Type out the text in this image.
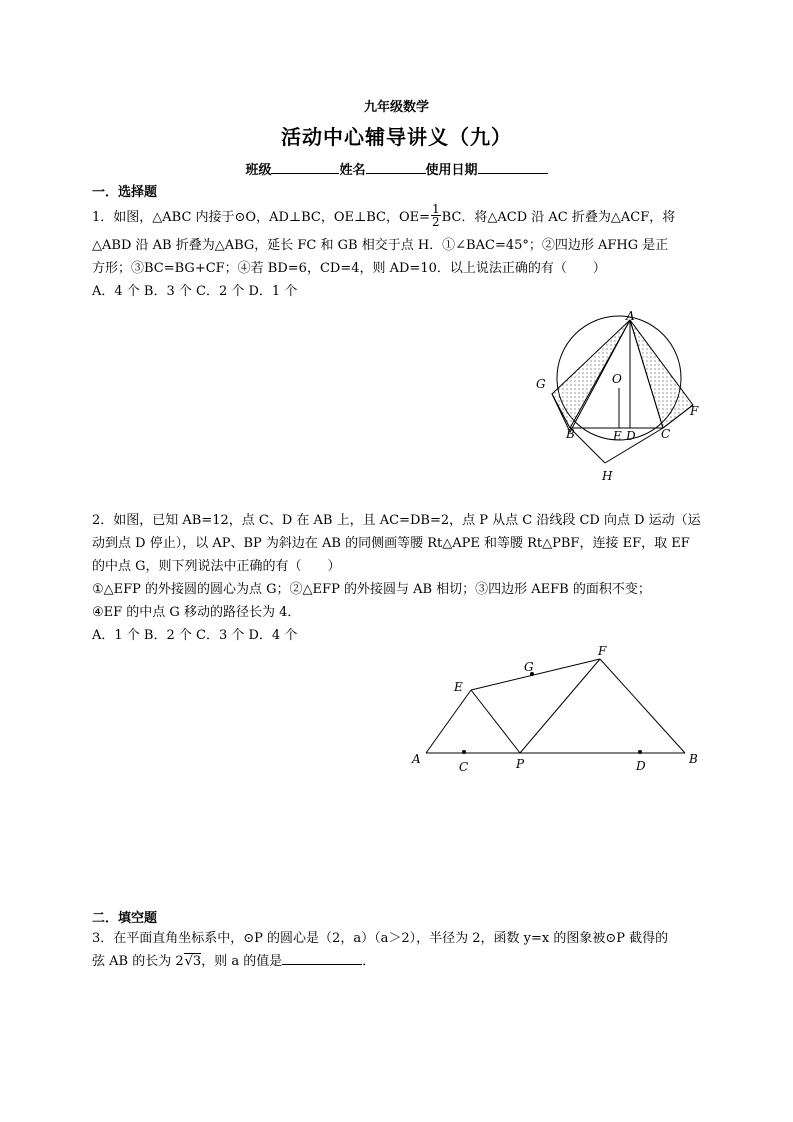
九年级数学
活动中心辅导讲义（九）
班级	姓名	使用日期
一．选择题
1．如图，△ABC 内接于⊙O，AD⊥BC，OE⊥BC，$OE= \frac{1}{2}$ BC．将△ACD 沿 AC 折叠为△ACF，将
△ABD 沿 AB 折叠为△ABG，延长 FC 和 GB 相交于点 H．①∠BAC=45°；②四边形 AFHG 是正
方形；③BC=BG+CF；④若 BD=6，CD=4，则 AD=10．以上说法正确的有（　　）
A．4 个 B．3 个 C．2 个 D．1 个
A
O
G
F
B	E D C
H
2．如图，已知 AB=12，点 C、D 在 AB 上，且 AC=DB=2，点 P 从点 C 沿线段 CD 向点 D 运动（运
动到点 D 停止），以 AP、BP 为斜边在 AB 的同侧画等腰 Rt△APE 和等腰 Rt△PBF，连接 EF，取 EF
的中点 G，则下列说法中正确的有（　　）
①△EFP 的外接圆的圆心为点 G；②△EFP 的外接圆与 AB 相切；③四边形 AEFB 的面积不变；
④EF 的中点 G 移动的路径长为 4．
A．1 个 B．2 个 C．3 个 D．4 个
A
C	P	D	B
E
G
F
二．填空题
3．在平面直角坐标系中，⊙P 的圆心是（2，a）（a＞2），半径为 2，函数 y=x 的图象被⊙P 截得的
弦 AB 的长为 2√3，则 a 的值是	．
